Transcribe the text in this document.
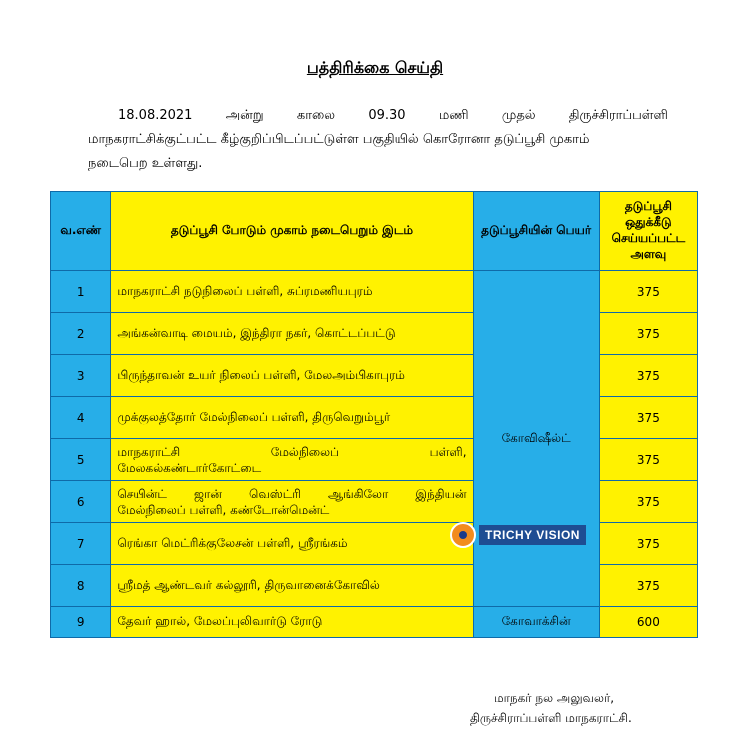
பத்திரிக்கை செய்தி
18.08.2021	அன்று	காலை	09.30	மணி	முதல்	திருச்சிராப்பள்ளி
மாநகராட்சிக்குட்பட்ட கீழ்குறிப்பிடப்பட்டுள்ள பகுதியில் கொரோனா தடுப்பூசி முகாம்
நடைபெற உள்ளது.
வ.எண்	தடுப்பூசி போடும் முகாம் நடைபெறும் இடம்	தடுப்பூசியின் பெயர்	தடுப்பூசி ஒதுக்கீடு செய்யப்பட்ட அளவு
1	மாநகராட்சி நடுநிலைப் பள்ளி, சுப்ரமணியபுரம்	கோவிஷீல்ட்	375
2	அங்கன்வாடி மையம், இந்திரா நகர், கொட்டப்பட்டு		375
3	பிருந்தாவன் உயர் நிலைப் பள்ளி, மேலஅம்பிகாபுரம்		375
4	முக்குலத்தோர் மேல்நிலைப் பள்ளி, திருவெறும்பூர்		375
5	மாநகராட்சி மேல்நிலைப் பள்ளி,
மேலகல்கண்டார்கோட்டை		375
6	செயின்ட் ஜான் வெஸ்ட்ரி ஆங்கிலோ இந்தியன்
மேல்நிலைப் பள்ளி, கண்டோன்மென்ட்		375
7	ரெங்கா மெட்ரிக்குலேசன் பள்ளி, ஸ்ரீரங்கம்		375
8	ஸ்ரீமத் ஆண்டவர் கல்லூரி, திருவானைக்கோவில்		375
9	தேவர் ஹால், மேலப்புலிவார்டு ரோடு	கோவாக்சின்	600
TRICHY VISION
மாநகர் நல அலுவலர்,
திருச்சிராப்பள்ளி மாநகராட்சி.
